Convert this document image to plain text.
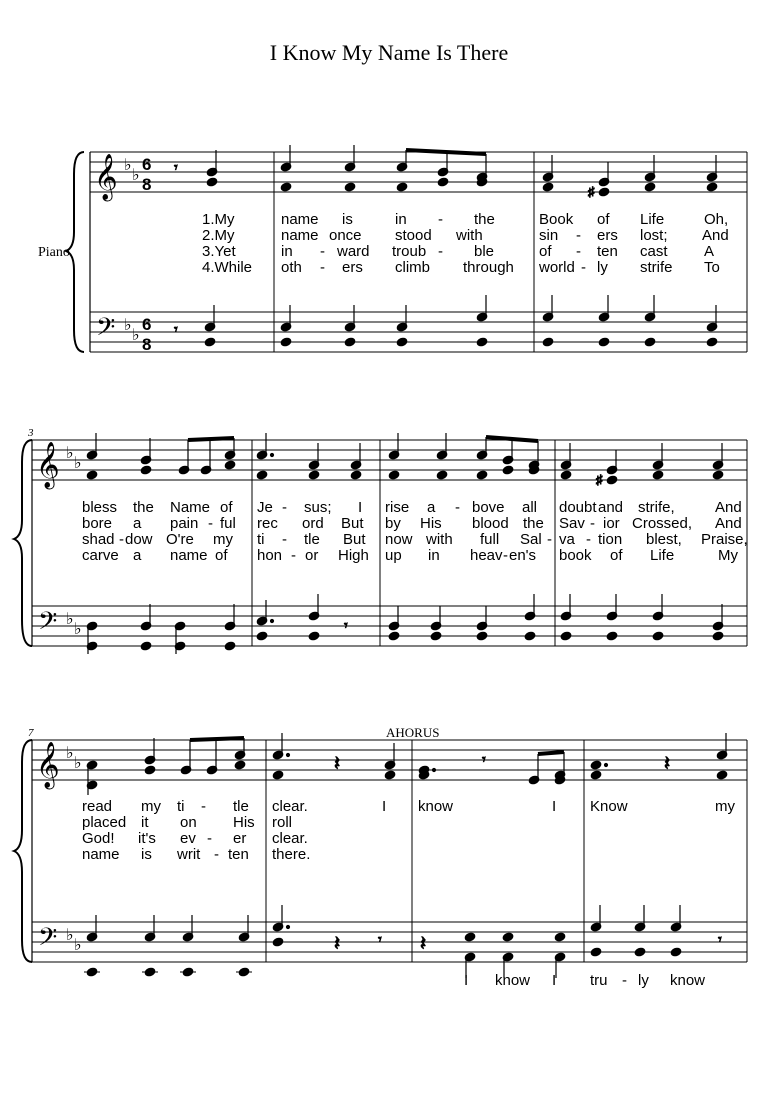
I Know My Name Is There
Piano
𝄞
𝄢
♭
♭
♭
♭
6
8
6
8
𝄾
♯
𝄾
1.My	name is	in - the	Book of Life	Oh,
2.My	name once stood with	sin - ers lost; And
3.Yet	in - ward troub - ble	of - ten cast A
4.While oth - ers climb through world - ly strife To
3
𝄞
𝄢
♭
♭
♭
♭
♯
𝄾
bless the Name of Je - sus; I rise a - bove all doubt and strife,	And
bore a pain - ful rec ord But by His blood the Sav - ior Crossed, And
shad - dow O're my ti - tle But now with full Sal - va - tion blest, Praise,
carve a name of hon - or High up in heav - en's book of Life	My
7	AHORUS
𝄞
𝄢
♭
♭
♭
♭
𝄽	𝄾	𝄽
𝄽	𝄾 𝄽	𝄾
read my ti - tle clear.	I know	I Know	my
placed it on His roll
God! it's ev - er clear.
name is writ - ten there.
I know I tru - ly know
